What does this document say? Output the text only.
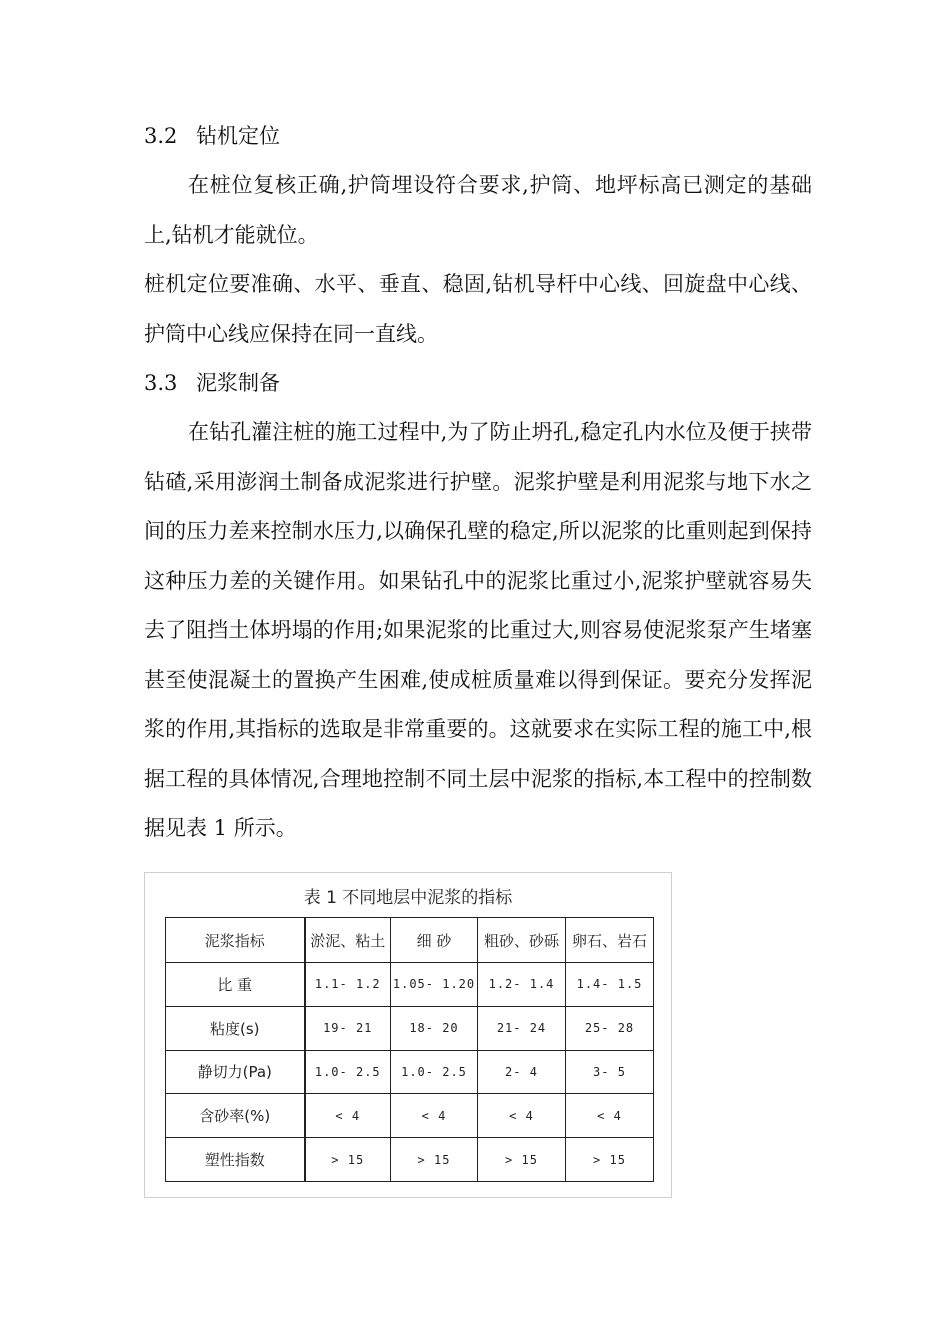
3.2 钻机定位

在桩位复核正确,护筒埋设符合要求,护筒、地坪标高已测定的基础上,钻机才能就位。

桩机定位要准确、水平、垂直、稳固,钻机导杆中心线、回旋盘中心线、护筒中心线应保持在同一直线。

3.3 泥浆制备

在钻孔灌注桩的施工过程中,为了防止坍孔,稳定孔内水位及便于挟带钻碴,采用澎润土制备成泥浆进行护壁。泥浆护壁是利用泥浆与地下水之间的压力差来控制水压力,以确保孔壁的稳定,所以泥浆的比重则起到保持这种压力差的关键作用。如果钻孔中的泥浆比重过小,泥浆护壁就容易失去了阻挡土体坍塌的作用;如果泥浆的比重过大,则容易使泥浆泵产生堵塞甚至使混凝土的置换产生困难,使成桩质量难以得到保证。要充分发挥泥浆的作用,其指标的选取是非常重要的。这就要求在实际工程的施工中,根据工程的具体情况,合理地控制不同土层中泥浆的指标,本工程中的控制数据见表 1 所示。

表 1 不同地层中泥浆的指标
泥浆指标	淤泥、粘土	细 砂	粗砂、砂砾	卵石、岩石
比 重	1.1- 1.2	1.05- 1.20	1.2- 1.4	1.4- 1.5
粘度(s)	19- 21	18- 20	21- 24	25- 28
静切力(Pa)	1.0- 2.5	1.0- 2.5	2- 4	3- 5
含砂率(%)	< 4	< 4	< 4	< 4
塑性指数	> 15	> 15	> 15	> 15
